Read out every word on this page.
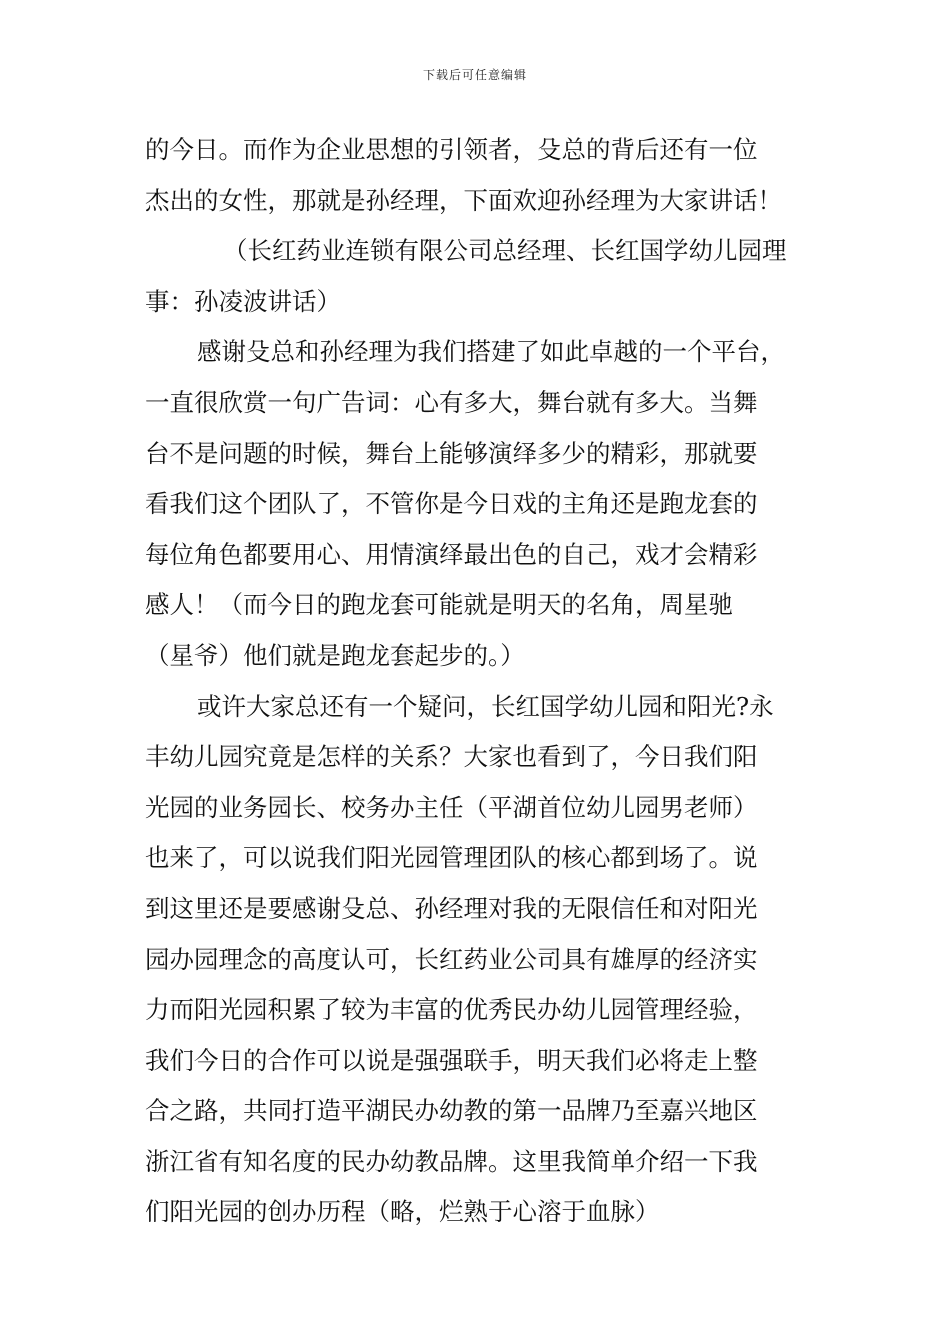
下载后可任意编辑
的今日。而作为企业思想的引领者，殳总的背后还有一位
杰出的女性，那就是孙经理，下面欢迎孙经理为大家讲话！
（长红药业连锁有限公司总经理、长红国学幼儿园理
事：孙凌波讲话）
感谢殳总和孙经理为我们搭建了如此卓越的一个平台，
一直很欣赏一句广告词：心有多大，舞台就有多大。当舞
台不是问题的时候，舞台上能够演绎多少的精彩，那就要
看我们这个团队了，不管你是今日戏的主角还是跑龙套的
每位角色都要用心、用情演绎最出色的自己，戏才会精彩
感人！（而今日的跑龙套可能就是明天的名角，周星驰
（星爷）他们就是跑龙套起步的。）
或许大家总还有一个疑问，长红国学幼儿园和阳光?永
丰幼儿园究竟是怎样的关系？大家也看到了，今日我们阳
光园的业务园长、校务办主任（平湖首位幼儿园男老师）
也来了，可以说我们阳光园管理团队的核心都到场了。说
到这里还是要感谢殳总、孙经理对我的无限信任和对阳光
园办园理念的高度认可，长红药业公司具有雄厚的经济实
力而阳光园积累了较为丰富的优秀民办幼儿园管理经验，
我们今日的合作可以说是强强联手，明天我们必将走上整
合之路，共同打造平湖民办幼教的第一品牌乃至嘉兴地区
浙江省有知名度的民办幼教品牌。这里我简单介绍一下我
们阳光园的创办历程（略，烂熟于心溶于血脉）
